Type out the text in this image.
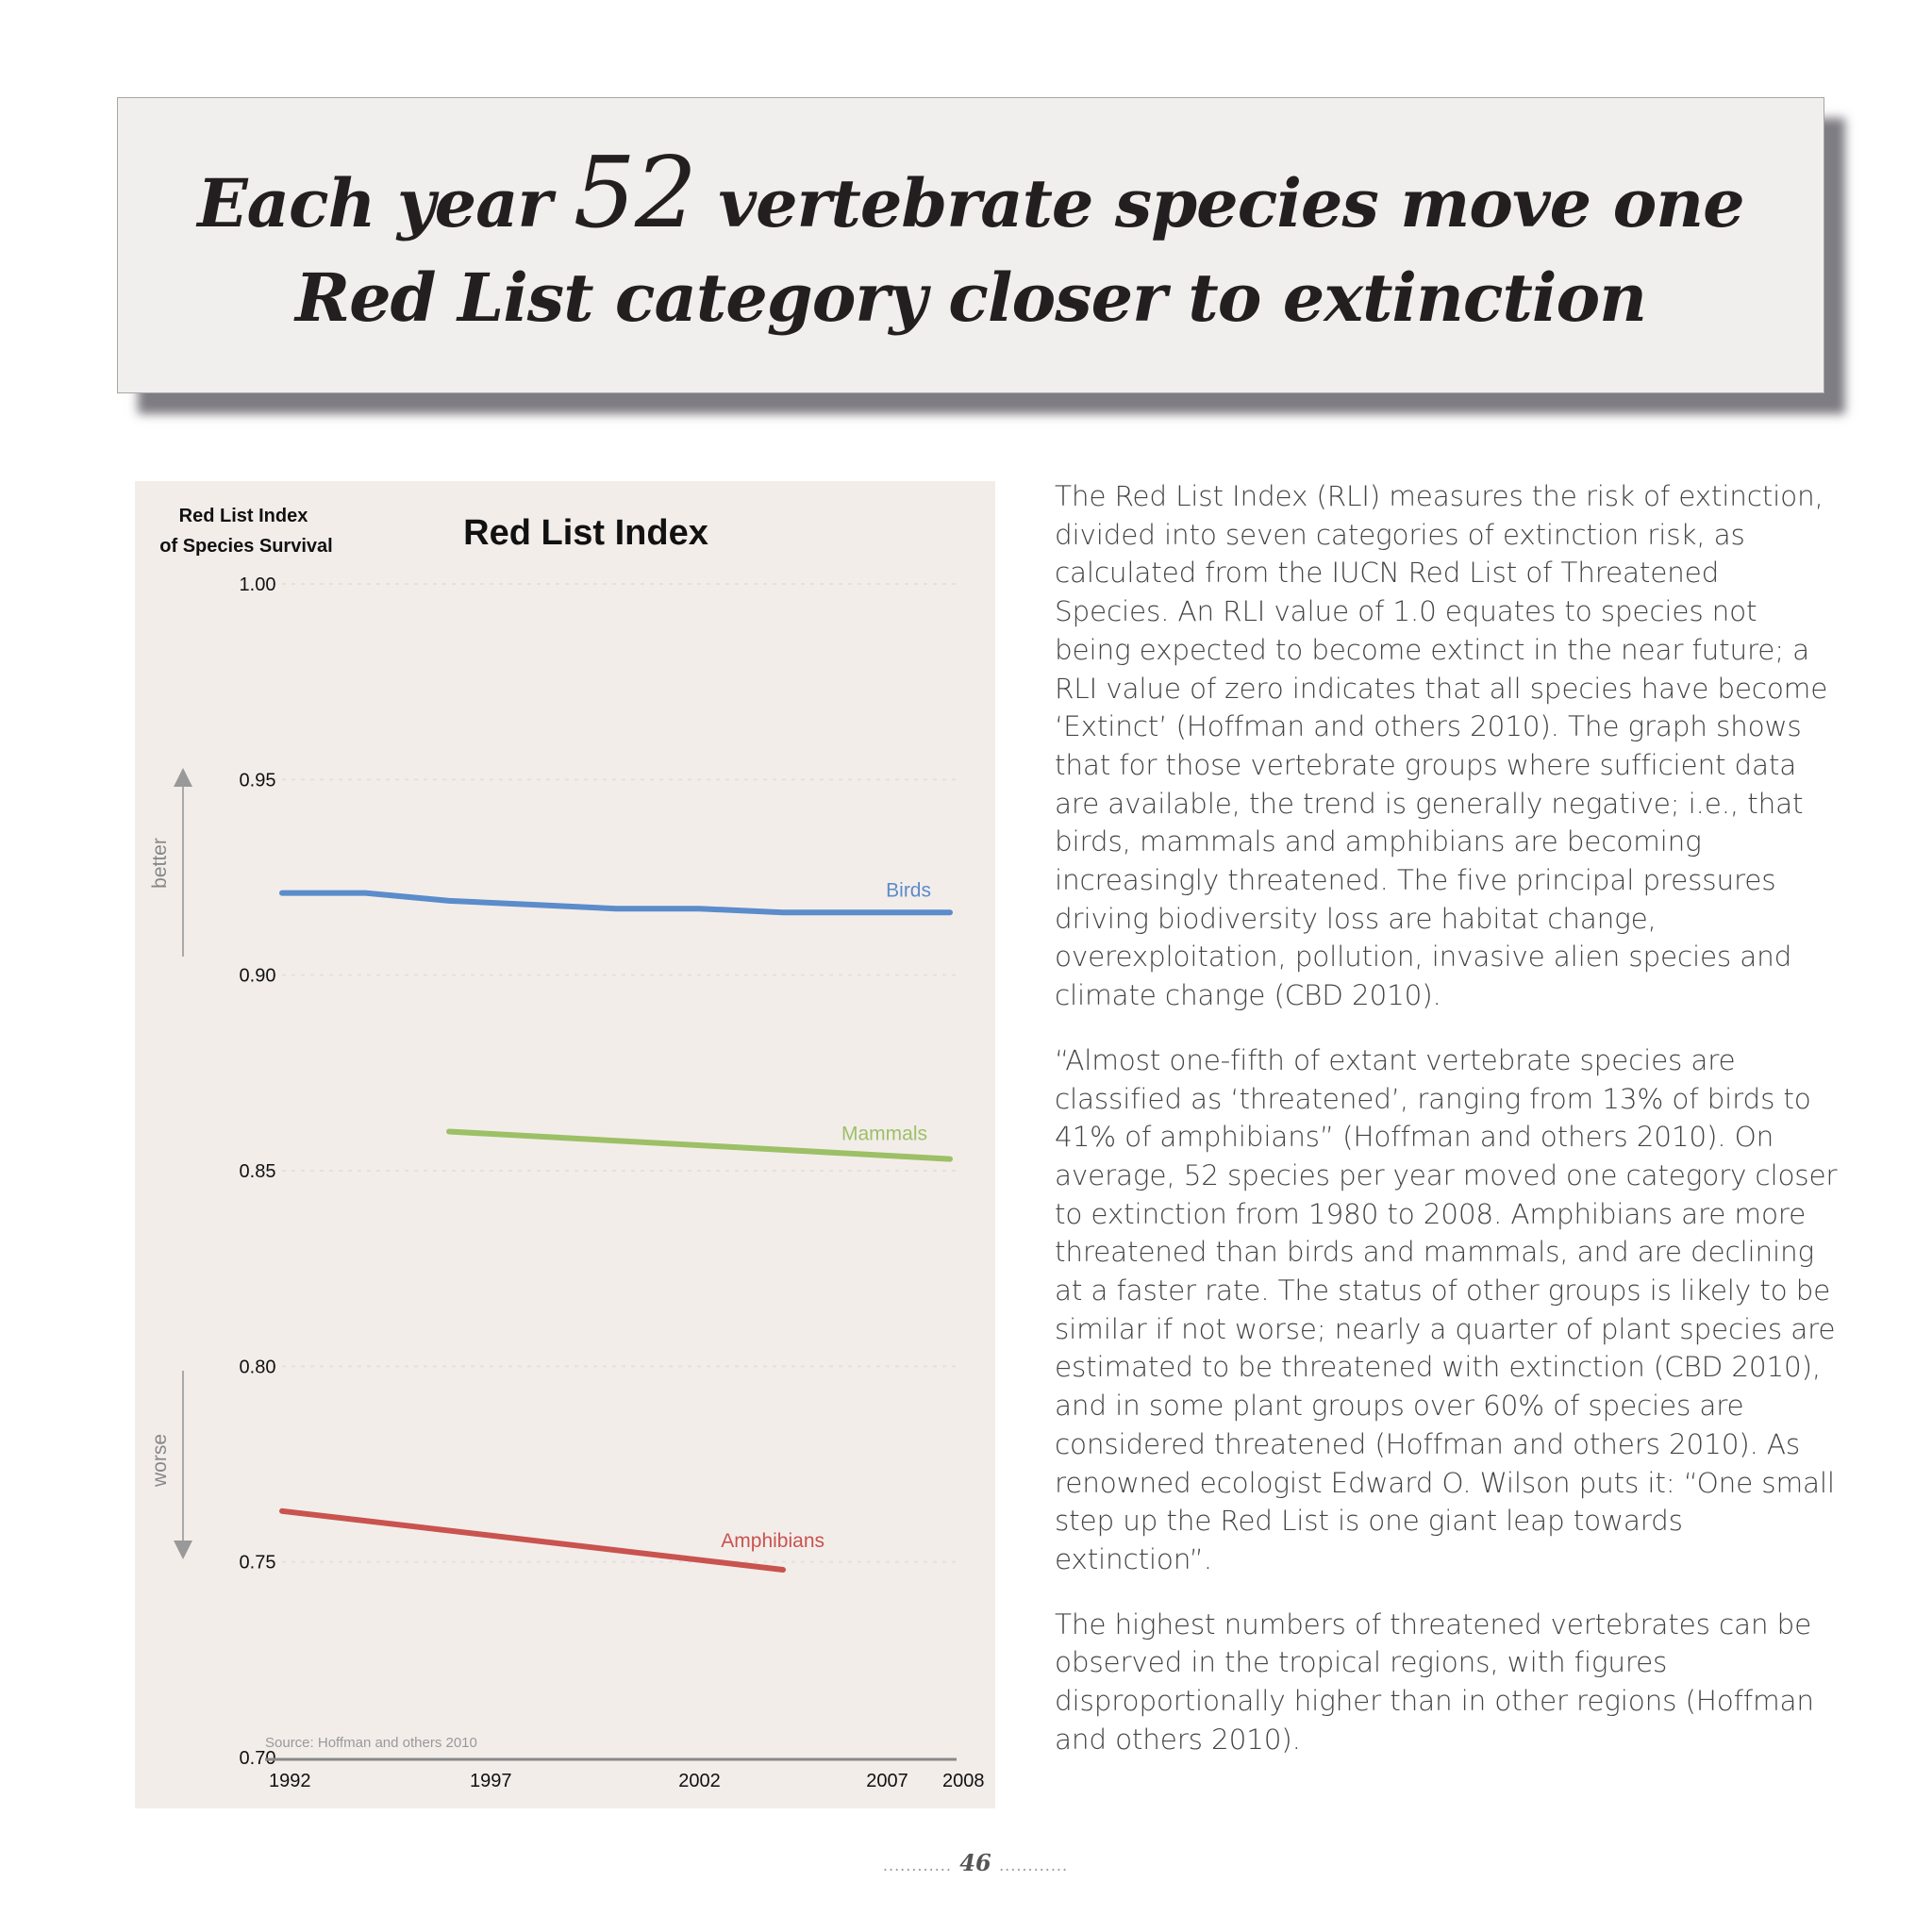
Each year 52 vertebrate species move one
Red List category closer to extinction
0.70
0.75
0.80
0.85
0.90
0.95
1.00
1992	1997	2002	2007 2008
Red List Index
of Species Survival	Red List Index
better
worse
Source: Hoffman and others 2010
Birds
Mammals
Amphibians

The Red List Index (RLI) measures the risk of extinction, divided into seven categories of extinction risk, as calculated from the IUCN Red List of Threatened Species. An RLI value of 1.0 equates to species not being expected to become extinct in the near future; a RLI value of zero indicates that all species have become ‘Extinct’ (Hoffman and others 2010). The graph shows that for those vertebrate groups where sufficient data are available, the trend is generally negative; i.e., that birds, mammals and amphibians are becoming increasingly threatened. The five principal pressures driving biodiversity loss are habitat change, overexploitation, pollution, invasive alien species and climate change (CBD 2010).

“Almost one-fifth of extant vertebrate species are classified as ‘threatened’, ranging from 13% of birds to 41% of amphibians” (Hoffman and others 2010). On average, 52 species per year moved one category closer to extinction from 1980 to 2008. Amphibians are more threatened than birds and mammals, and are declining at a faster rate. The status of other groups is likely to be similar if not worse; nearly a quarter of plant species are estimated to be threatened with extinction (CBD 2010), and in some plant groups over 60% of species are considered threatened (Hoffman and others 2010). As renowned ecologist Edward O. Wilson puts it: “One small step up the Red List is one giant leap towards extinction”.

The highest numbers of threatened vertebrates can be observed in the tropical regions, with figures disproportionally higher than in other regions (Hoffman and others 2010).

............ 46 ............
